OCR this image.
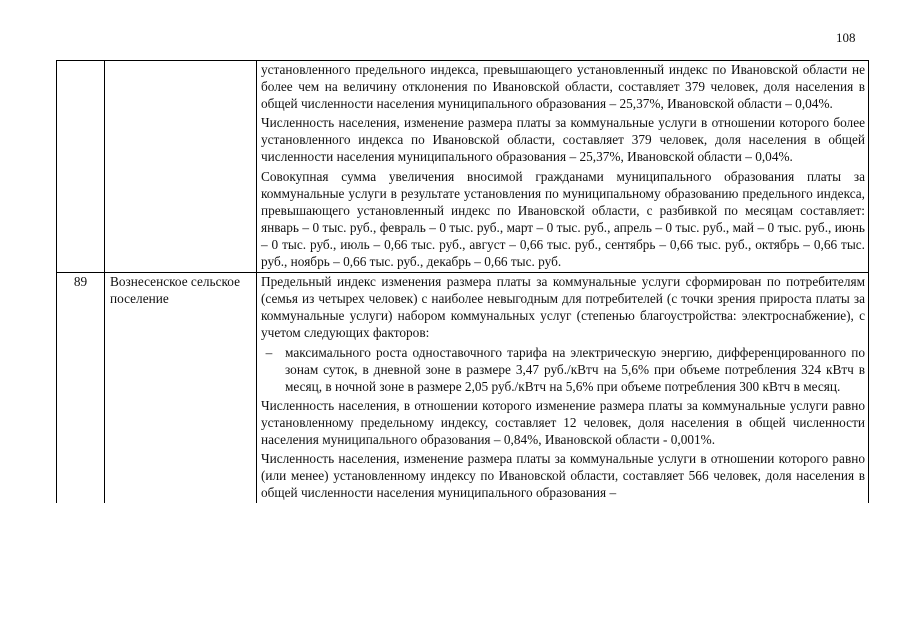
108

		установленного предельного индекса, превышающего установленный индекс по Ивановской области не более чем на величину отклонения по Ивановской области, составляет 379 человек, доля населения в общей численности населения муниципального образования – 25,37%, Ивановской области – 0,04%.

Численность населения, изменение размера платы за коммунальные услуги в отношении которого более установленного индекса по Ивановской области, составляет 379 человек, доля населения в общей численности населения муниципального образования – 25,37%, Ивановской области – 0,04%.

Совокупная сумма увеличения вносимой гражданами муниципального образования платы за коммунальные услуги в результате установления по муниципальному образованию предельного индекса, превышающего установленный индекс по Ивановской области, с разбивкой по месяцам составляет: январь – 0 тыс. руб., февраль – 0 тыс. руб., март – 0 тыс. руб., апрель – 0 тыс. руб., май – 0 тыс. руб., июнь – 0 тыс. руб., июль – 0,66 тыс. руб., август – 0,66 тыс. руб., сентябрь – 0,66 тыс. руб., октябрь – 0,66 тыс. руб., ноябрь – 0,66 тыс. руб., декабрь – 0,66 тыс. руб.

89	Вознесенское сельское поселение	Предельный индекс изменения размера платы за коммунальные услуги сформирован по потребителям (семья из четырех человек) с наиболее невыгодным для потребителей (с точки зрения прироста платы за коммунальные услуги) набором коммунальных услуг (степенью благоустройства: электроснабжение), с учетом следующих факторов:

– максимального роста одноставочного тарифа на электрическую энергию, дифференцированного по зонам суток, в дневной зоне в размере 3,47 руб./кВтч на 5,6% при объеме потребления 324 кВтч в месяц, в ночной зоне в размере 2,05 руб./кВтч на 5,6% при объеме потребления 300 кВтч в месяц.

Численность населения, в отношении которого изменение размера платы за коммунальные услуги равно установленному предельному индексу, составляет 12 человек, доля населения в общей численности населения муниципального образования – 0,84%, Ивановской области - 0,001%.

Численность населения, изменение размера платы за коммунальные услуги в отношении которого равно (или менее) установленному индексу по Ивановской области, составляет 566 человек, доля населения в общей численности населения муниципального образования –
